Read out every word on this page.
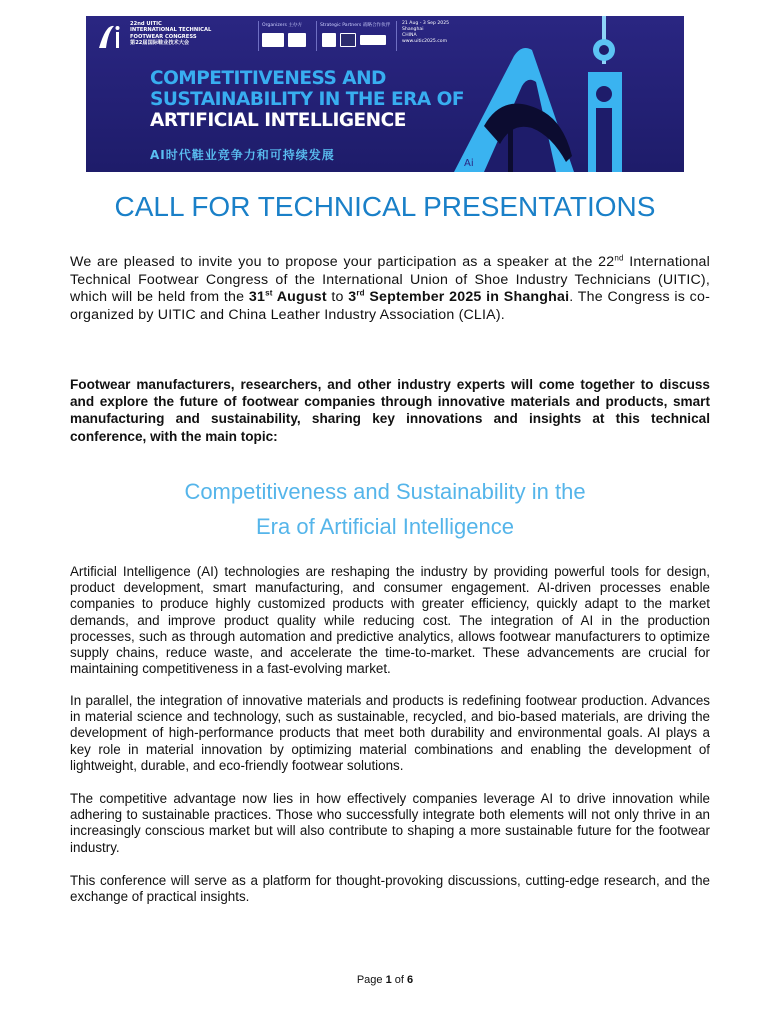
22nd UITIC
INTERNATIONAL TECHNICAL
FOOTWEAR CONGRESS
第22届国际鞋业技术大会
Organizers 主办方	Strategic Partners 战略合作伙伴	21 Aug - 3 Sep 2025
Shanghai
CHINA
www.uitic2025.com
COMPETITIVENESS AND
SUSTAINABILITY IN THE ERA OF
ARTIFICIAL INTELLIGENCE
AI时代鞋业竞争力和可持续发展
Ai
CALL FOR TECHNICAL PRESENTATIONS

We are pleased to invite you to propose your participation as a speaker at the 22nd International Technical Footwear Congress of the International Union of Shoe Industry Technicians (UITIC), which will be held from the 31st August to 3rd September 2025 in Shanghai. The Congress is co-organized by UITIC and China Leather Industry Association (CLIA).

Footwear manufacturers, researchers, and other industry experts will come together to discuss and explore the future of footwear companies through innovative materials and products, smart manufacturing and sustainability, sharing key innovations and insights at this technical conference, with the main topic:

Competitiveness and Sustainability in the
Era of Artificial Intelligence

Artificial Intelligence (AI) technologies are reshaping the industry by providing powerful tools for design, product development, smart manufacturing, and consumer engagement. AI-driven processes enable companies to produce highly customized products with greater efficiency, quickly adapt to the market demands, and improve product quality while reducing cost. The integration of AI in the production processes, such as through automation and predictive analytics, allows footwear manufacturers to optimize supply chains, reduce waste, and accelerate the time-to-market. These advancements are crucial for maintaining competitiveness in a fast-evolving market.

In parallel, the integration of innovative materials and products is redefining footwear production. Advances in material science and technology, such as sustainable, recycled, and bio-based materials, are driving the development of high-performance products that meet both durability and environmental goals. AI plays a key role in material innovation by optimizing material combinations and enabling the development of lightweight, durable, and eco-friendly footwear solutions.

The competitive advantage now lies in how effectively companies leverage AI to drive innovation while adhering to sustainable practices. Those who successfully integrate both elements will not only thrive in an increasingly conscious market but will also contribute to shaping a more sustainable future for the footwear industry.

This conference will serve as a platform for thought-provoking discussions, cutting-edge research, and the exchange of practical insights.

Page 1 of 6
